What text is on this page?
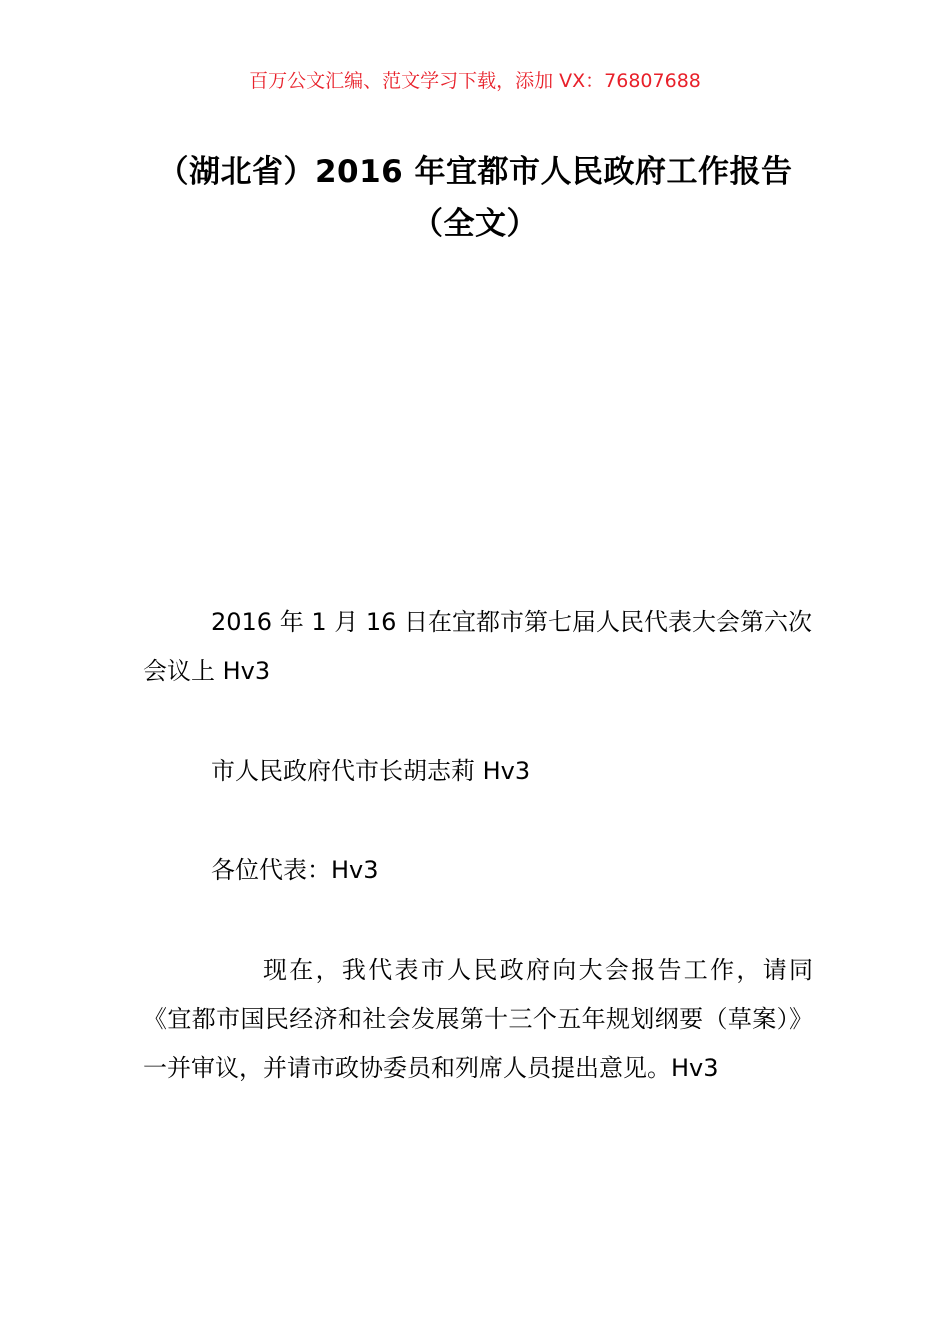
百万公文汇编、范文学习下载，添加 VX：76807688
（湖北省）2016 年宜都市人民政府工作报告（全文）
2016 年 1 月 16 日在宜都市第七届人民代表大会第六次会议上 Hv3
市人民政府代市长胡志莉 Hv3
各位代表：Hv3
现在，我代表市人民政府向大会报告工作，请同《宜都市国民经济和社会发展第十三个五年规划纲要（草案）》一并审议，并请市政协委员和列席人员提出意见。Hv3
